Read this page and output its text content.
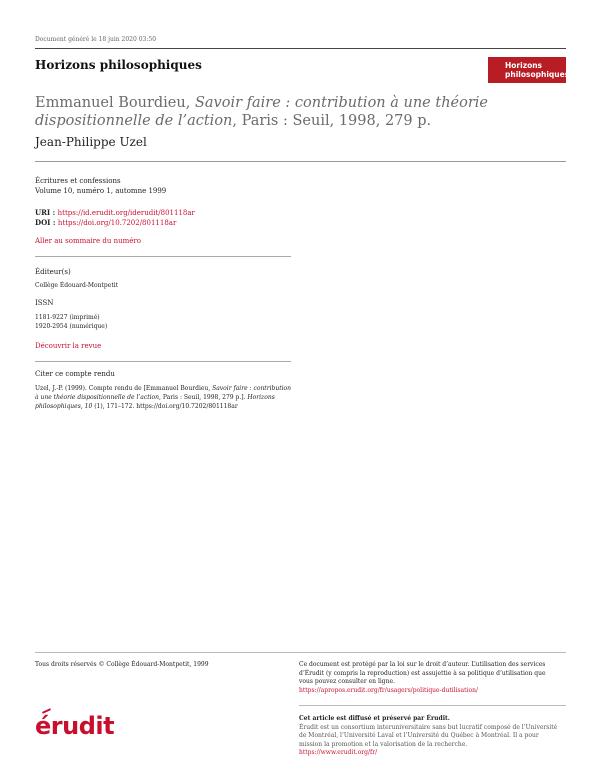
Document généré le 18 juin 2020 03:50
Horizons philosophiques	Horizons
philosophiques
Emmanuel Bourdieu, Savoir faire : contribution à une théorie dispositionnelle de l’action, Paris : Seuil, 1998, 279 p.
Jean-Philippe Uzel
Écritures et confessions
Volume 10, numéro 1, automne 1999
URI : https://id.erudit.org/iderudit/801118ar
DOI : https://doi.org/10.7202/801118ar
Aller au sommaire du numéro
Éditeur(s)
Collège Édouard-Montpetit
ISSN
1181-9227 (imprimé)
1920-2954 (numérique)
Découvrir la revue
Citer ce compte rendu
Uzel, J.-P. (1999). Compte rendu de [Emmanuel Bourdieu, Savoir faire : contribution à une théorie dispositionnelle de l’action, Paris : Seuil, 1998, 279 p.]. Horizons philosophiques, 10 (1), 171–172. https://doi.org/10.7202/801118ar
Tous droits réservés © Collège Édouard-Montpetit, 1999	Ce document est protégé par la loi sur le droit d’auteur. L’utilisation des services d’Érudit (y compris la reproduction) est assujettie à sa politique d’utilisation que vous pouvez consulter en ligne.
https://apropos.erudit.org/fr/usagers/politique-dutilisation/
érudit	Cet article est diffusé et préservé par Érudit.
Érudit est un consortium interuniversitaire sans but lucratif composé de l’Université de Montréal, l’Université Laval et l’Université du Québec à Montréal. Il a pour mission la promotion et la valorisation de la recherche.
https://www.erudit.org/fr/
